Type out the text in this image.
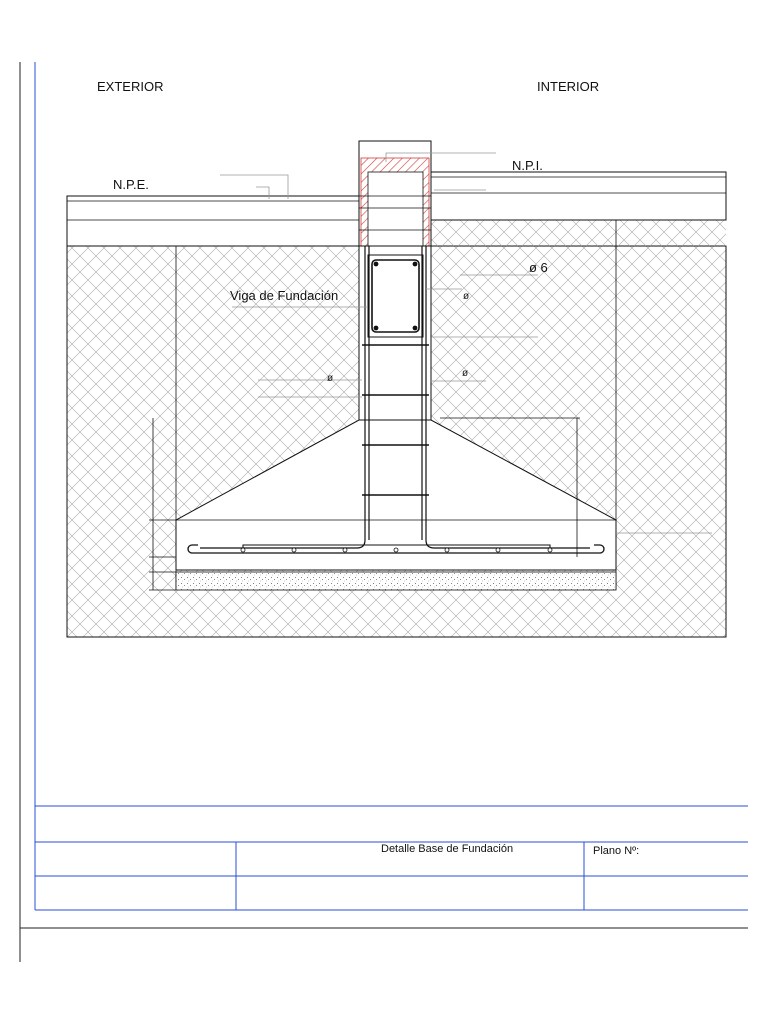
EXTERIOR	INTERIOR
N.P.E.
N.P.I.
Viga de Fundación
ø 6
ø
ø	ø
Detalle Base de Fundación	Plano Nº:
